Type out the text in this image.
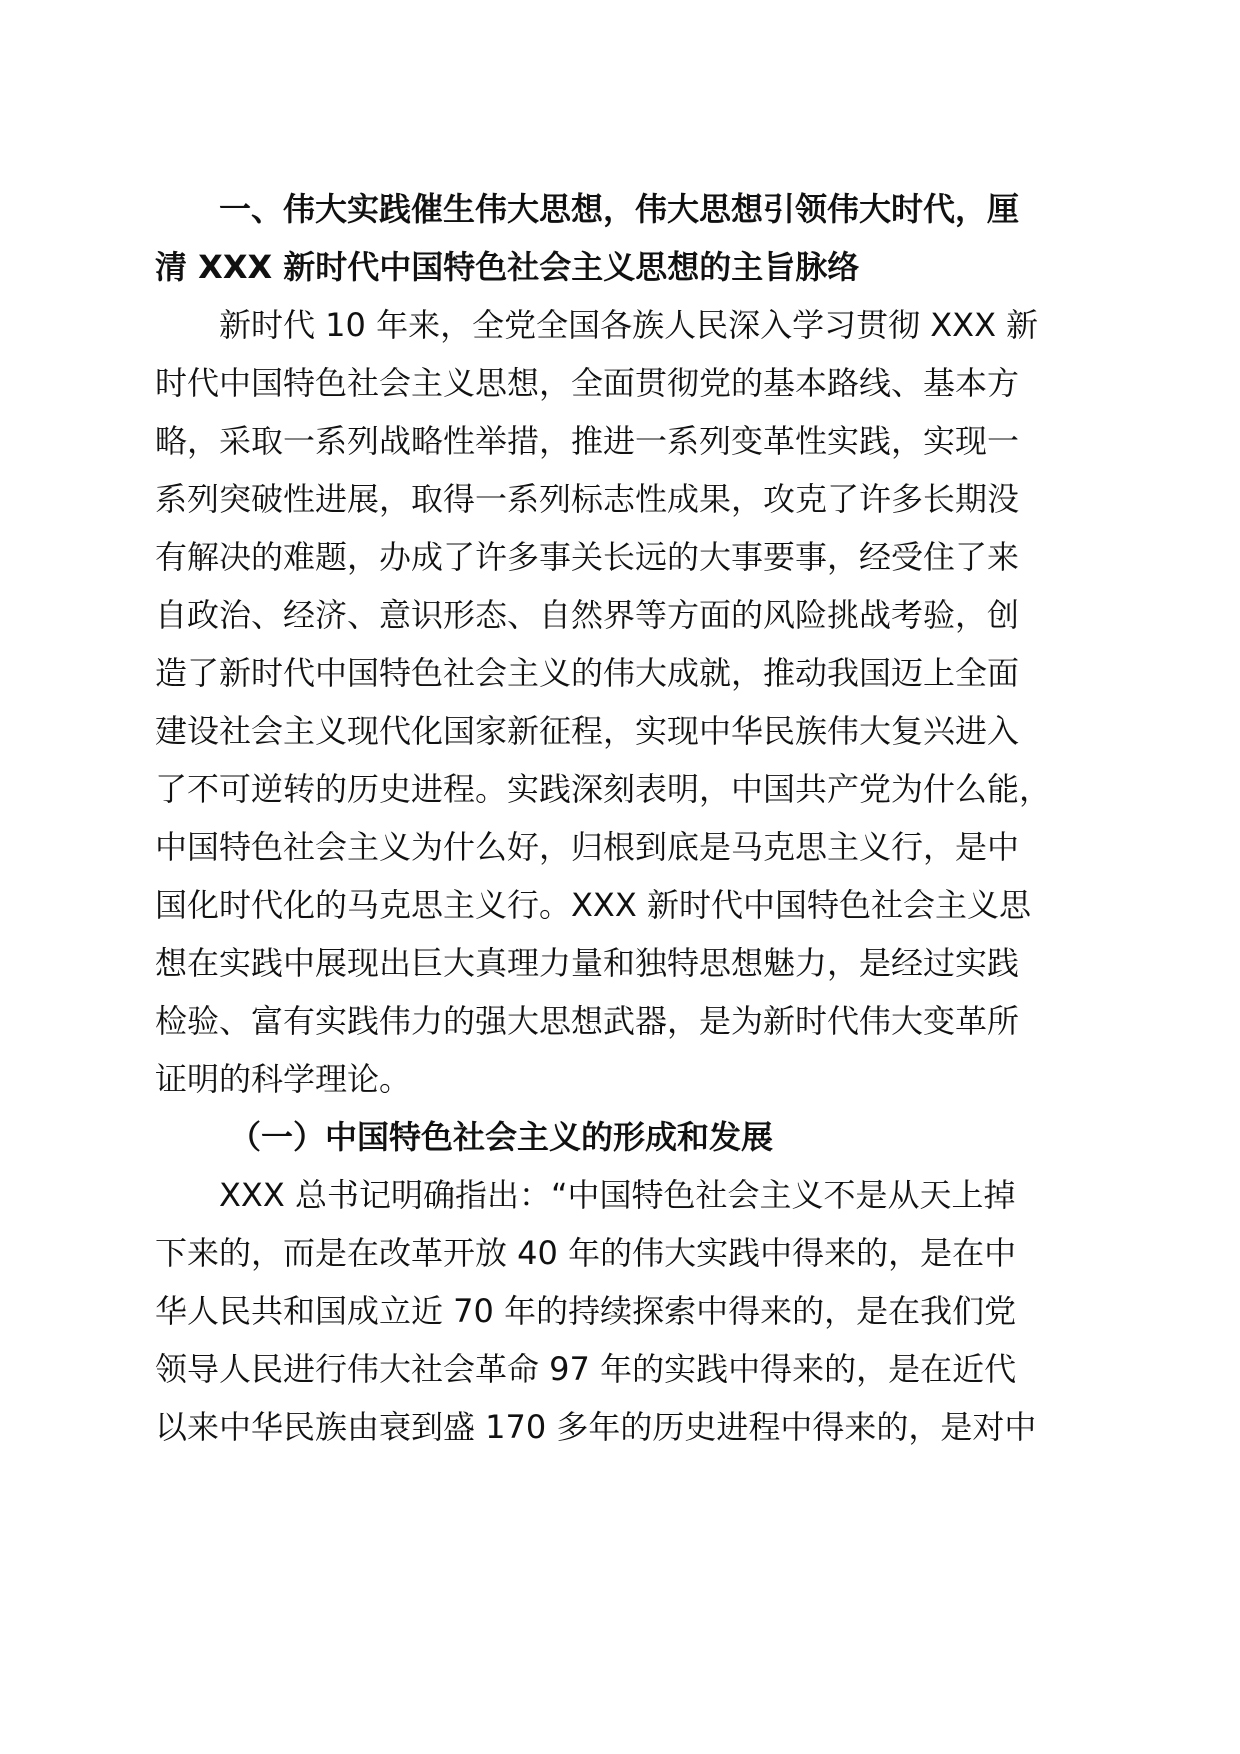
一、伟大实践催生伟大思想，伟大思想引领伟大时代，厘
清 XXX 新时代中国特色社会主义思想的主旨脉络
新时代 10 年来，全党全国各族人民深入学习贯彻 XXX 新
时代中国特色社会主义思想，全面贯彻党的基本路线、基本方
略，采取一系列战略性举措，推进一系列变革性实践，实现一
系列突破性进展，取得一系列标志性成果，攻克了许多长期没
有解决的难题，办成了许多事关长远的大事要事，经受住了来
自政治、经济、意识形态、自然界等方面的风险挑战考验，创
造了新时代中国特色社会主义的伟大成就，推动我国迈上全面
建设社会主义现代化国家新征程，实现中华民族伟大复兴进入
了不可逆转的历史进程。实践深刻表明，中国共产党为什么能，
中国特色社会主义为什么好，归根到底是马克思主义行，是中
国化时代化的马克思主义行。XXX 新时代中国特色社会主义思
想在实践中展现出巨大真理力量和独特思想魅力，是经过实践
检验、富有实践伟力的强大思想武器，是为新时代伟大变革所
证明的科学理论。
（一）中国特色社会主义的形成和发展
XXX 总书记明确指出：“中国特色社会主义不是从天上掉
下来的，而是在改革开放 40 年的伟大实践中得来的，是在中
华人民共和国成立近 70 年的持续探索中得来的，是在我们党
领导人民进行伟大社会革命 97 年的实践中得来的，是在近代
以来中华民族由衰到盛 170 多年的历史进程中得来的，是对中
